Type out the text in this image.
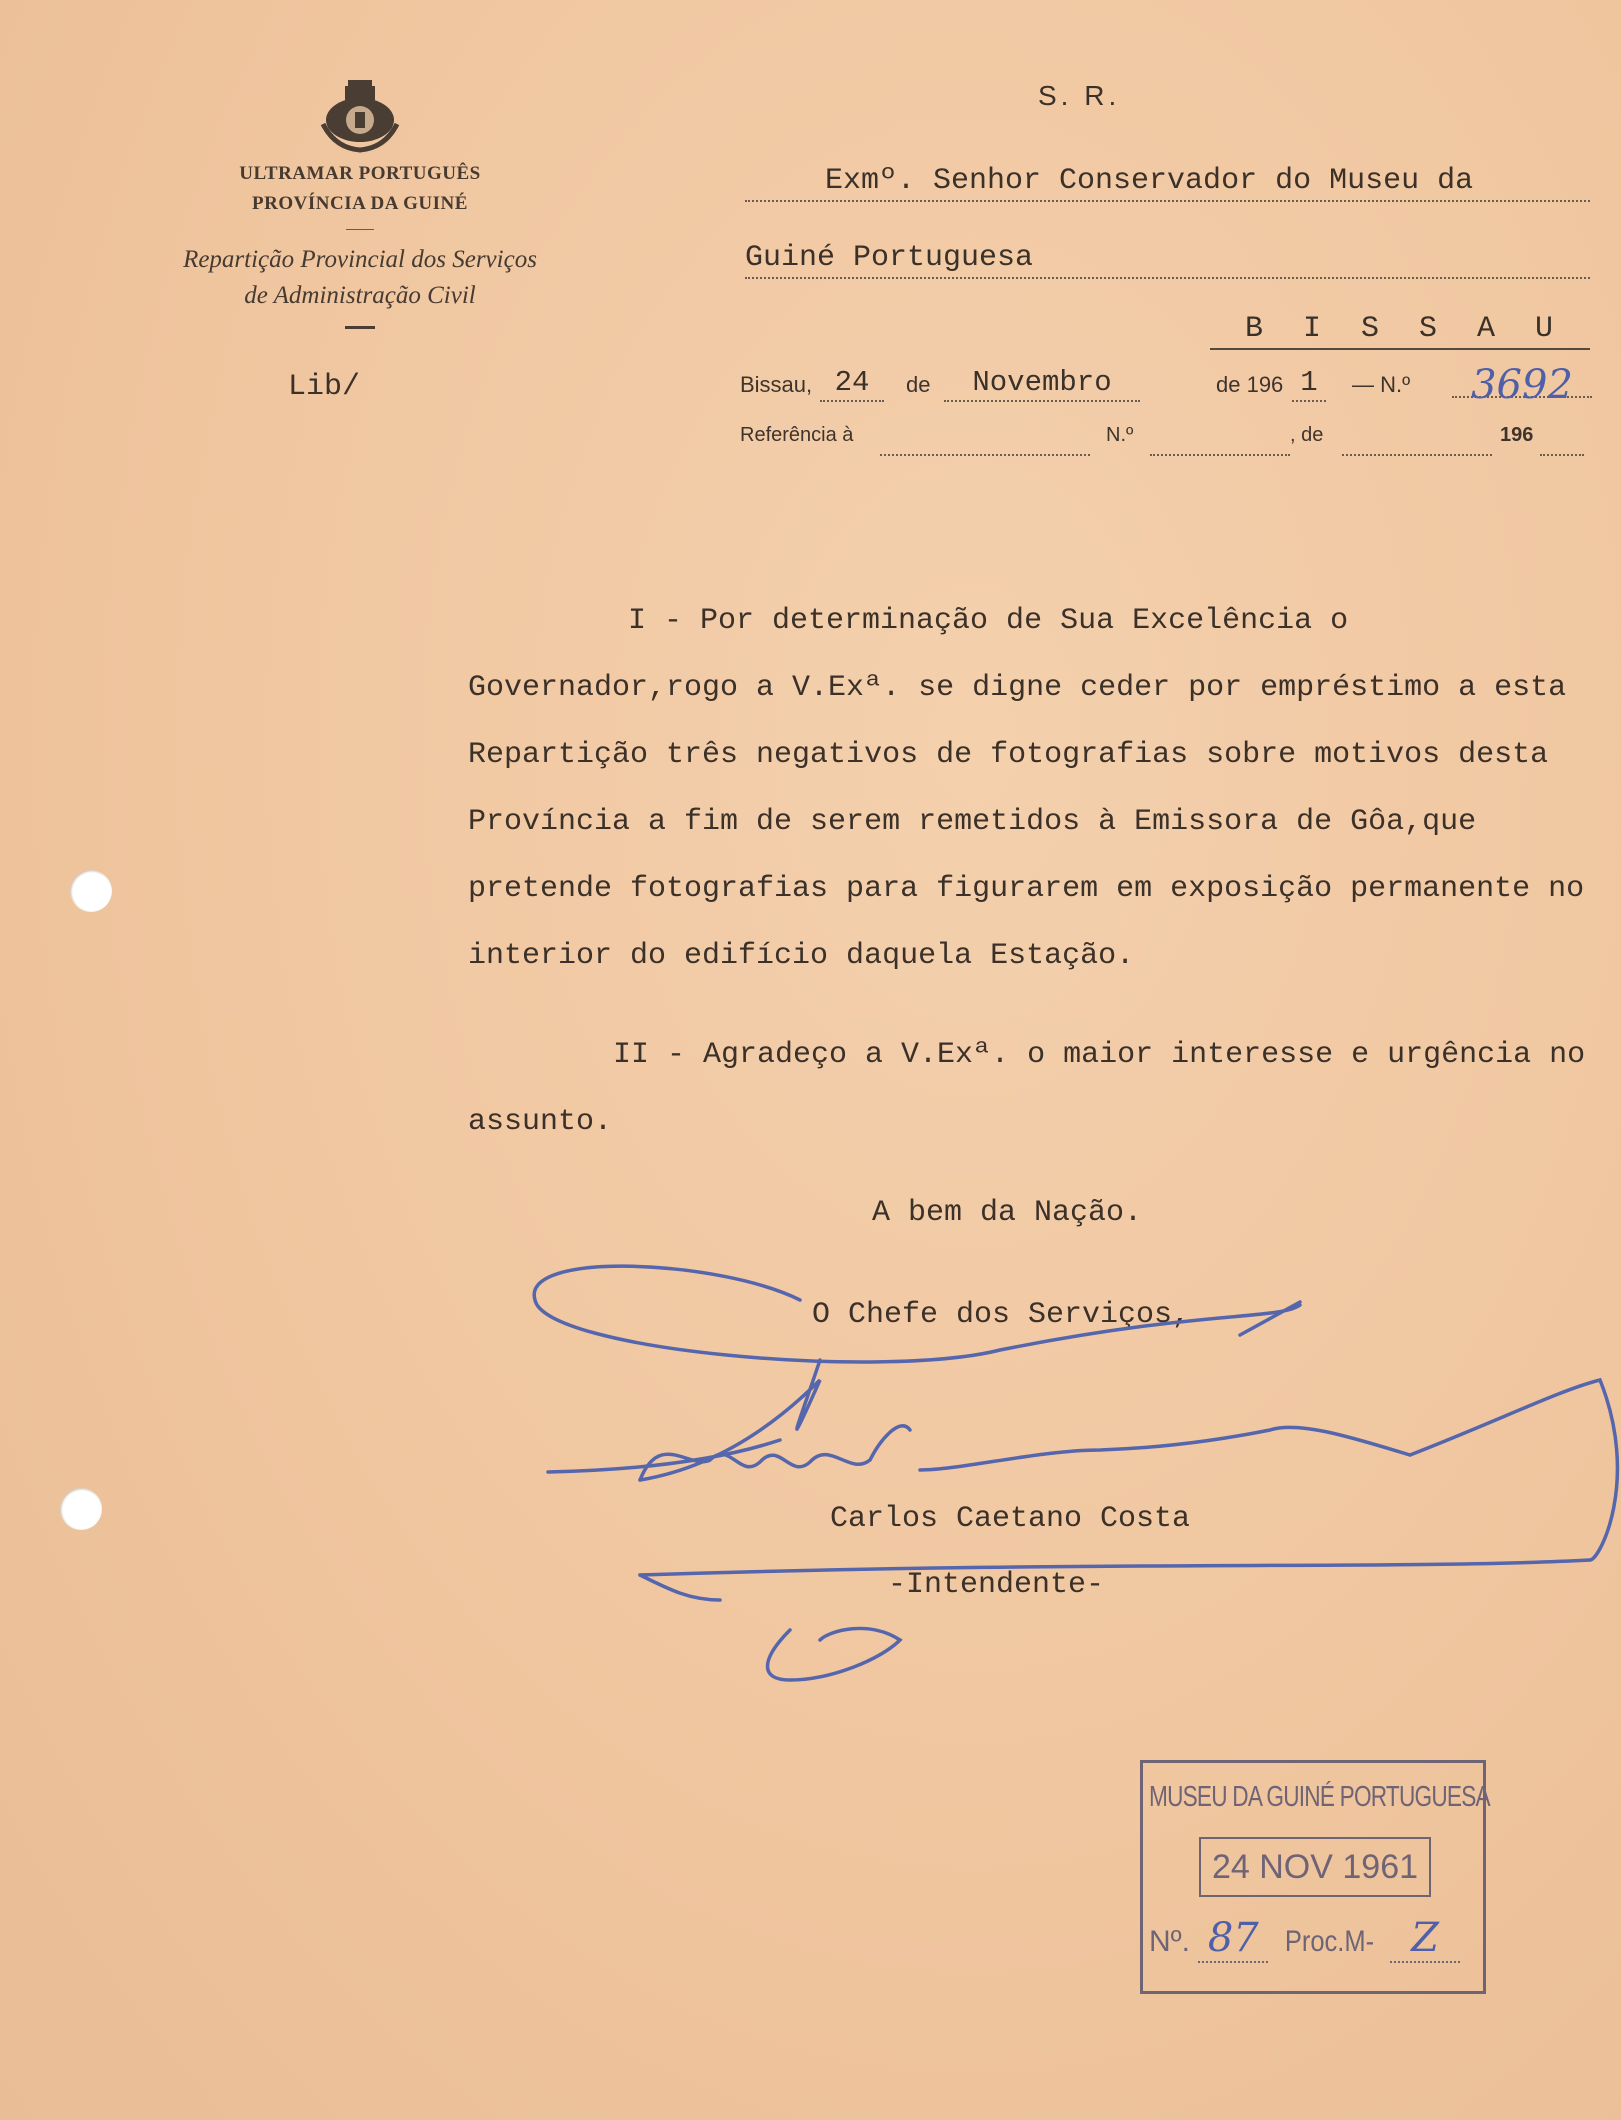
ULTRAMAR PORTUGUÊS
PROVÍNCIA DA GUINÉ
Repartição Provincial dos Serviços
de Administração Civil
Lib/
S. R.
Exmº. Senhor Conservador do Museu da
Guiné Portuguesa
B I S S A U
Bissau, 24	de	Novembro	de 196 1	— N.º	3692
Referência à	N.º	, de	196
I - Por determinação de Sua Excelência o Governador,rogo a V.Exª. se digne ceder por empréstimo a esta Repartição três negativos de fotografias sobre motivos desta Província a fim de serem remetidos à Emissora de Gôa,que pretende fotografias para figurarem em exposição permanente no interior do edifício daquela Estação.
II - Agradeço a V.Exª. o maior interesse e urgência no assunto.
A bem da Nação.
O Chefe dos Serviços,
Carlos Caetano Costa
-Intendente-
MUSEU DA GUINÉ PORTUGUESA
24 NOV 1961
Nº. 87 Proc.M- Z
